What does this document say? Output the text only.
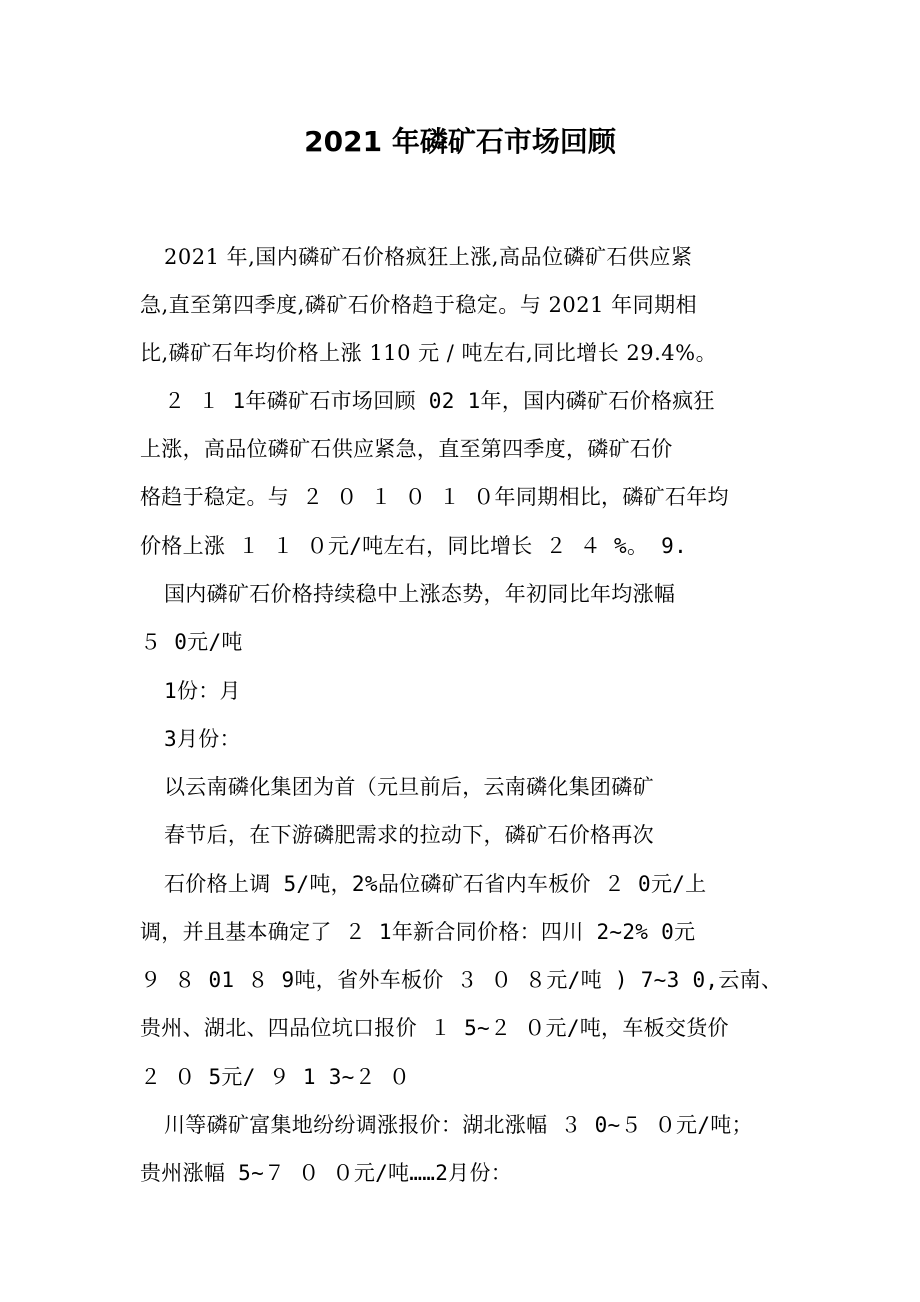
2021 年磷矿石市场回顾
2021 年,国内磷矿石价格疯狂上涨,高品位磷矿石供应紧
急,直至第四季度,磷矿石价格趋于稳定。与 2021 年同期相
比,磷矿石年均价格上涨 110 元 / 吨左右,同比增长 29.4%。
２ １ 1年磷矿石市场回顾 02 1年，国内磷矿石价格疯狂
上涨，高品位磷矿石供应紧急，直至第四季度，磷矿石价
格趋于稳定。与 ２ ０ １ ０ １ ０年同期相比，磷矿石年均
价格上涨 １ １ ０元/吨左右，同比增长 ２ ４ %。 9.
国内磷矿石价格持续稳中上涨态势，年初同比年均涨幅
５ 0元/吨
1份：月
3月份：
以云南磷化集团为首（元旦前后，云南磷化集团磷矿
春节后，在下游磷肥需求的拉动下，磷矿石价格再次
石价格上调 5/吨，2%品位磷矿石省内车板价 ２ 0元/上
调，并且基本确定了 ２ 1年新合同价格：四川 2~2% 0元
９ ８ 01 ８ 9吨，省外车板价 ３ ０ ８元/吨 ) 7~3 0,云南、
贵州、湖北、四品位坑口报价 １ 5~２ ０元/吨，车板交货价
２ ０ 5元/ ９ 1 3~２ ０
川等磷矿富集地纷纷调涨报价：湖北涨幅 ３ 0~５ ０元/吨；
贵州涨幅 5~７ ０ ０元/吨……2月份：
